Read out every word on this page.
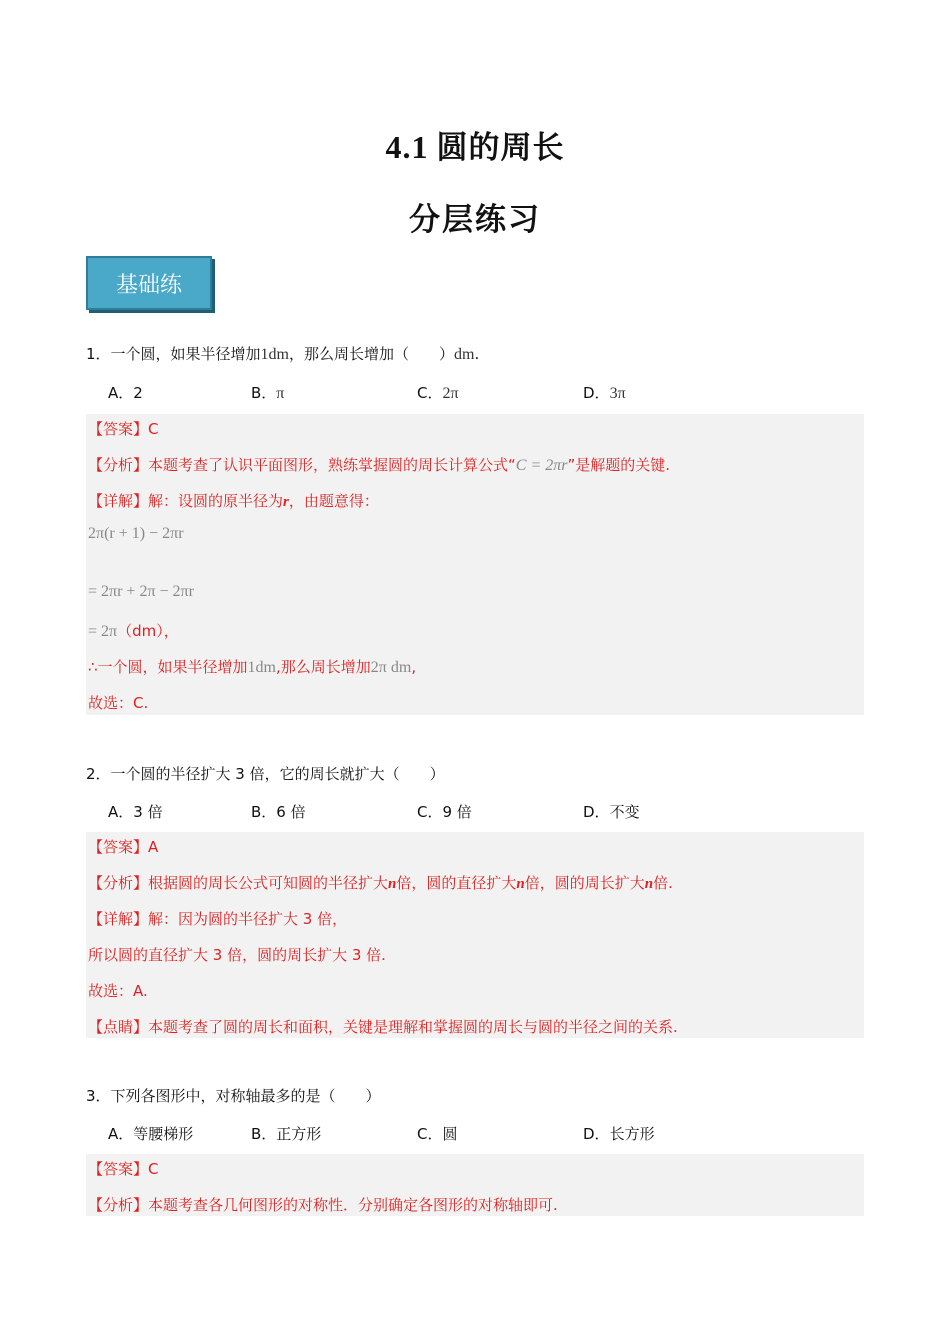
4.1 圆的周长
分层练习
基础练
1．一个圆，如果半径增加1dm，那么周长增加（　　）dm.
A．2	B．π	C．2π	D．3π
【答案】C
【分析】本题考查了认识平面图形，熟练掌握圆的周长计算公式“C = 2πr”是解题的关键.
【详解】解：设圆的原半径为r，由题意得：
2π(r + 1) − 2πr
= 2πr + 2π − 2πr
= 2π（dm），
∴一个圆，如果半径增加1dm,那么周长增加2π dm,
故选：C.
2．一个圆的半径扩大 3 倍，它的周长就扩大（　　）
A．3 倍	B．6 倍	C．9 倍	D．不变
【答案】A
【分析】根据圆的周长公式可知圆的半径扩大n倍，圆的直径扩大n倍，圆的周长扩大n倍.
【详解】解：因为圆的半径扩大 3 倍，
所以圆的直径扩大 3 倍，圆的周长扩大 3 倍.
故选：A.
【点睛】本题考查了圆的周长和面积，关键是理解和掌握圆的周长与圆的半径之间的关系.
3．下列各图形中，对称轴最多的是（　　）
A．等腰梯形	B．正方形	C．圆	D．长方形
【答案】C
【分析】本题考查各几何图形的对称性．分别确定各图形的对称轴即可.
